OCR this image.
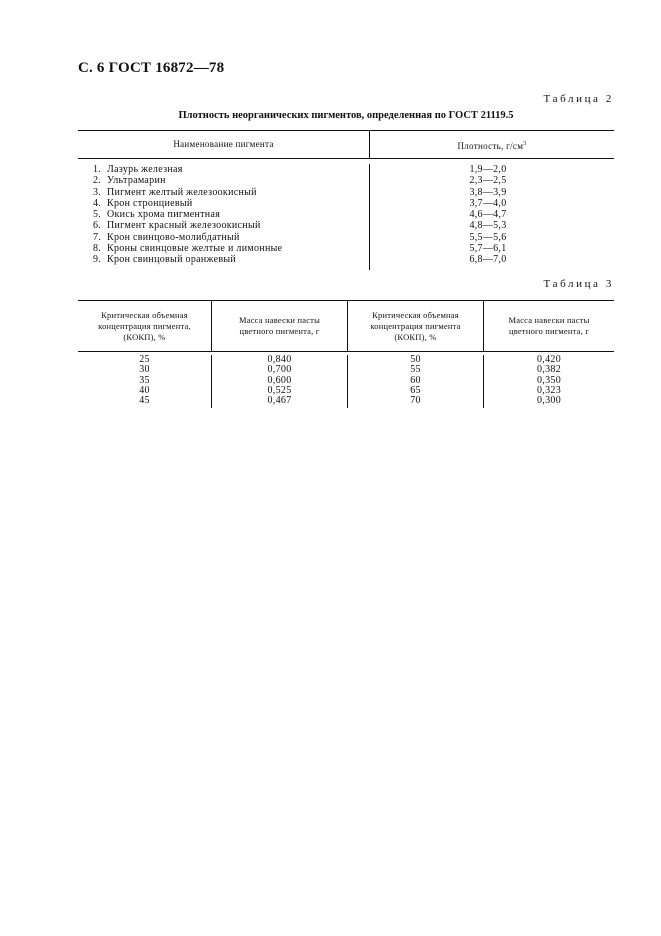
С. 6 ГОСТ 16872—78
Таблица 2
Плотность неорганических пигментов, определенная по ГОСТ 21119.5
Наименование пигмента	Плотность, $г/см^3$
1. Лазурь железная
2. Ультрамарин
3. Пигмент желтый железоокисный
4. Крон стронциевый
5. Окись хрома пигментная
6. Пигмент красный железоокисный
7. Крон свинцово-молибдатный
8. Кроны свинцовые желтые и лимонные
9. Крон свинцовый оранжевый
1,9—2,0
2,3—2,5
3,8—3,9
3,7—4,0
4,6—4,7
4,8—5,3
5,5—5,6
5,7—6,1
6,8—7,0
Таблица 3
Критическая объемная концентрация пигмента, (КОКП), %
Масса навески пасты цветного пигмента, г
Критическая объемная концентрация пигмента (КОКП), %
Масса навески пасты цветного пигмента, г
25
30
35
40
45
0,840
0,700
0,600
0,525
0,467
50
55
60
65
70
0,420
0,382
0,350
0,323
0,300
